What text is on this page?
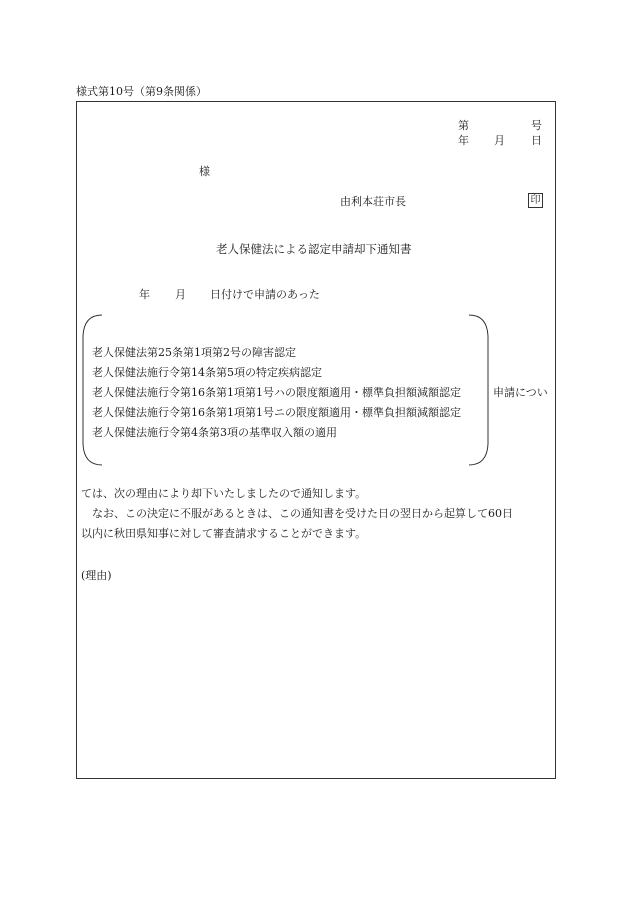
様式第10号（第9条関係）
第	号
年 月 日
様
由利本荘市長	印
老人保健法による認定申請却下通知書
年 月 日付けで申請のあった
老人保健法第25条第1項第2号の障害認定
老人保健法施行令第14条第5項の特定疾病認定
老人保健法施行令第16条第1項第1号ハの限度額適用・標準負担額減額認定
老人保健法施行令第16条第1項第1号ニの限度額適用・標準負担額減額認定
老人保健法施行令第4条第3項の基準収入額の適用
申請につい
ては、次の理由により却下いたしましたので通知します。
なお、この決定に不服があるときは、この通知書を受けた日の翌日から起算して60日
以内に秋田県知事に対して審査請求することができます。
(理由)
